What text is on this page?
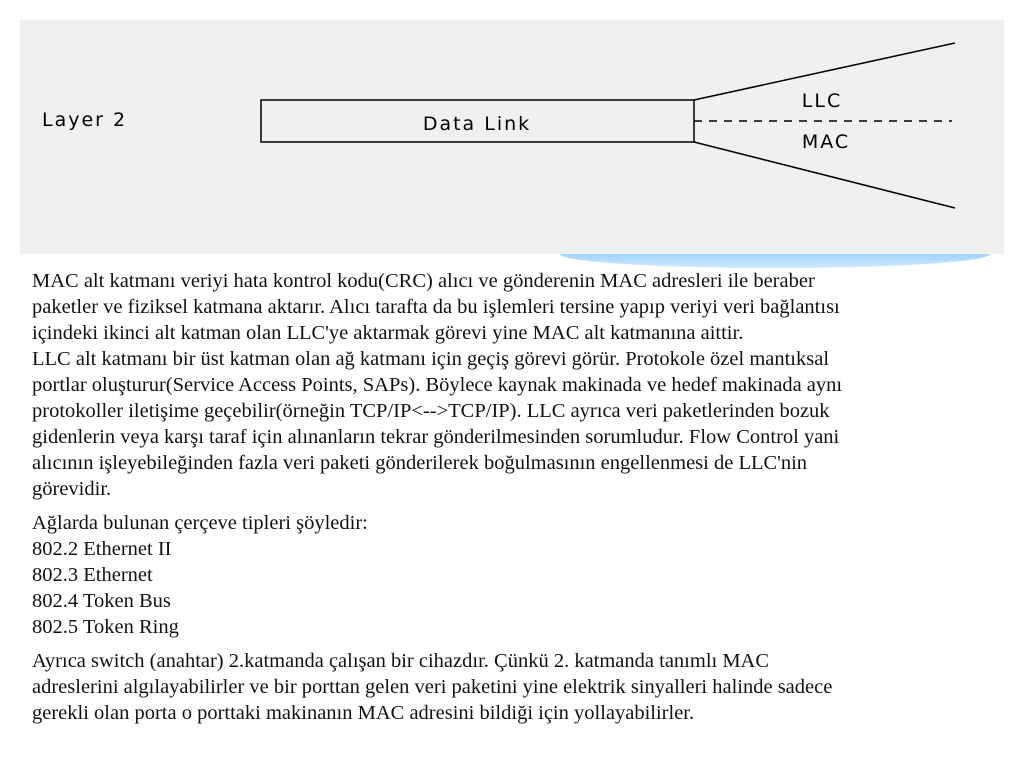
Layer 2	Data Link
LLC
MAC

MAC alt katmanı veriyi hata kontrol kodu(CRC) alıcı ve gönderenin MAC adresleri ile beraber
paketler ve fiziksel katmana aktarır. Alıcı tarafta da bu işlemleri tersine yapıp veriyi veri bağlantısı
içindeki ikinci alt katman olan LLC'ye aktarmak görevi yine MAC alt katmanına aittir.
LLC alt katmanı bir üst katman olan ağ katmanı için geçiş görevi görür. Protokole özel mantıksal
portlar oluşturur(Service Access Points, SAPs). Böylece kaynak makinada ve hedef makinada aynı
protokoller iletişime geçebilir(örneğin TCP/IP<-->TCP/IP). LLC ayrıca veri paketlerinden bozuk
gidenlerin veya karşı taraf için alınanların tekrar gönderilmesinden sorumludur. Flow Control yani
alıcının işleyebileğinden fazla veri paketi gönderilerek boğulmasının engellenmesi de LLC'nin
görevidir.

Ağlarda bulunan çerçeve tipleri şöyledir:
802.2 Ethernet II
802.3 Ethernet
802.4 Token Bus
802.5 Token Ring

Ayrıca switch (anahtar) 2.katmanda çalışan bir cihazdır. Çünkü 2. katmanda tanımlı MAC
adreslerini algılayabilirler ve bir porttan gelen veri paketini yine elektrik sinyalleri halinde sadece
gerekli olan porta o porttaki makinanın MAC adresini bildiği için yollayabilirler.
